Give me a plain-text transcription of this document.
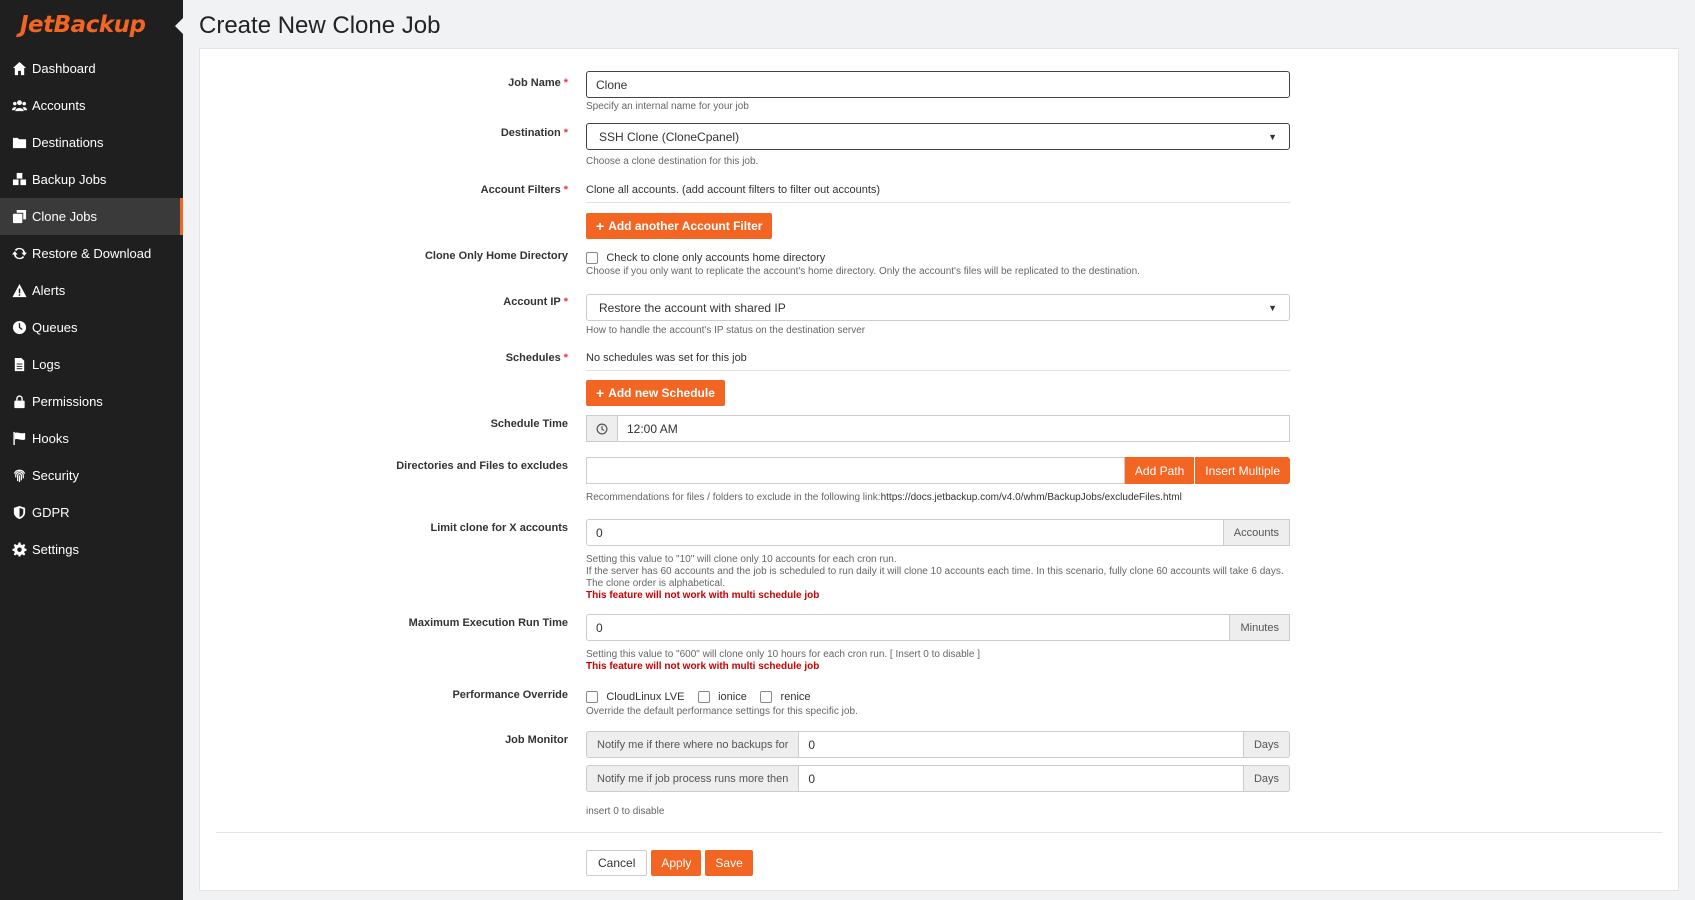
JetBackup
Dashboard
Accounts
Destinations
Backup Jobs
Clone Jobs
Restore & Download
Alerts
Queues
Logs
Permissions
Hooks
Security
GDPR
Settings
Create New Clone Job
Job Name *	Clone
Specify an internal name for your job
Destination *	SSH Clone (CloneCpanel)	▼
Choose a clone destination for this job.
Account Filters * Clone all accounts. (add account filters to filter out accounts)
+ Add another Account Filter
Clone Only Home Directory	Check to clone only accounts home directory
Choose if you only want to replicate the account's home directory. Only the account's files will be replicated to the destination.
Account IP *	Restore the account with shared IP	▼
How to handle the account's IP status on the destination server
Schedules * No schedules was set for this job
+ Add new Schedule
Schedule Time	12:00 AM
Directories and Files to excludes	Add Path	Insert Multiple
Recommendations for files / folders to exclude in the following link:https://docs.jetbackup.com/v4.0/whm/BackupJobs/excludeFiles.html
Limit clone for X accounts	0	Accounts
Setting this value to "10" will clone only 10 accounts for each cron run.
If the server has 60 accounts and the job is scheduled to run daily it will clone 10 accounts each time. In this scenario, fully clone 60 accounts will take 6 days. The clone order is alphabetical.
This feature will not work with multi schedule job
Maximum Execution Run Time	0	Minutes
Setting this value to "600" will clone only 10 hours for each cron run. [ Insert 0 to disable ]
This feature will not work with multi schedule job
Performance Override	CloudLinux LVE	ionice	renice
Override the default performance settings for this specific job.
Job Monitor	Notify me if there where no backups for	0	Days
Notify me if job process runs more then	0	Days
insert 0 to disable
Cancel	Apply	Save
